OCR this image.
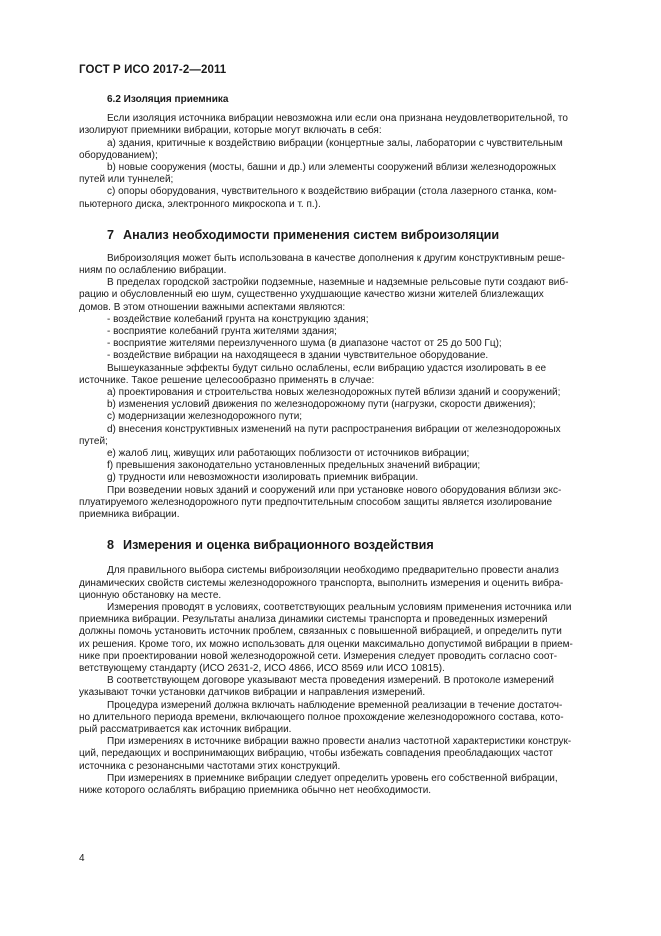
ГОСТ Р ИСО 2017-2—2011
6.2 Изоляция приемника

Если изоляция источника вибрации невозможна или если она признана неудовлетворительной, то

изолируют приемники вибрации, которые могут включать в себя:

a) здания, критичные к воздействию вибрации (концертные залы, лаборатории с чувствительным

оборудованием);

b) новые сооружения (мосты, башни и др.) или элементы сооружений вблизи железнодорожных

путей или туннелей;

c) опоры оборудования, чувствительного к воздействию вибрации (стола лазерного станка, ком-

пьютерного диска, электронного микроскопа и т. п.).

7 Анализ необходимости применения систем виброизоляции

Виброизоляция может быть использована в качестве дополнения к другим конструктивным реше-

ниям по ослаблению вибрации.

В пределах городской застройки подземные, наземные и надземные рельсовые пути создают виб-

рацию и обусловленный ею шум, существенно ухудшающие качество жизни жителей близлежащих

домов. В этом отношении важными аспектами являются:

- воздействие колебаний грунта на конструкцию здания;

- восприятие колебаний грунта жителями здания;

- восприятие жителями переизлученного шума (в диапазоне частот от 25 до 500 Гц);

- воздействие вибрации на находящееся в здании чувствительное оборудование.

Вышеуказанные эффекты будут сильно ослаблены, если вибрацию удастся изолировать в ее

источнике. Такое решение целесообразно применять в случае:

a) проектирования и строительства новых железнодорожных путей вблизи зданий и сооружений;

b) изменения условий движения по железнодорожному пути (нагрузки, скорости движения);

c) модернизации железнодорожного пути;

d) внесения конструктивных изменений на пути распространения вибрации от железнодорожных

путей;

e) жалоб лиц, живущих или работающих поблизости от источников вибрации;

f) превышения законодательно установленных предельных значений вибрации;

g) трудности или невозможности изолировать приемник вибрации.

При возведении новых зданий и сооружений или при установке нового оборудования вблизи экс-

плуатируемого железнодорожного пути предпочтительным способом защиты является изолирование

приемника вибрации.

8 Измерения и оценка вибрационного воздействия

Для правильного выбора системы виброизоляции необходимо предварительно провести анализ

динамических свойств системы железнодорожного транспорта, выполнить измерения и оценить вибра-

ционную обстановку на месте.

Измерения проводят в условиях, соответствующих реальным условиям применения источника или

приемника вибрации. Результаты анализа динамики системы транспорта и проведенных измерений

должны помочь установить источник проблем, связанных с повышенной вибрацией, и определить пути

их решения. Кроме того, их можно использовать для оценки максимально допустимой вибрации в прием-

нике при проектировании новой железнодорожной сети. Измерения следует проводить согласно соот-

ветствующему стандарту (ИСО 2631-2, ИСО 4866, ИСО 8569 или ИСО 10815).

В соответствующем договоре указывают места проведения измерений. В протоколе измерений

указывают точки установки датчиков вибрации и направления измерений.

Процедура измерений должна включать наблюдение временной реализации в течение достаточ-

но длительного периода времени, включающего полное прохождение железнодорожного состава, кото-

рый рассматривается как источник вибрации.

При измерениях в источнике вибрации важно провести анализ частотной характеристики конструк-

ций, передающих и воспринимающих вибрацию, чтобы избежать совпадения преобладающих частот

источника с резонансными частотами этих конструкций.

При измерениях в приемнике вибрации следует определить уровень его собственной вибрации,

ниже которого ослаблять вибрацию приемника обычно нет необходимости.

4
